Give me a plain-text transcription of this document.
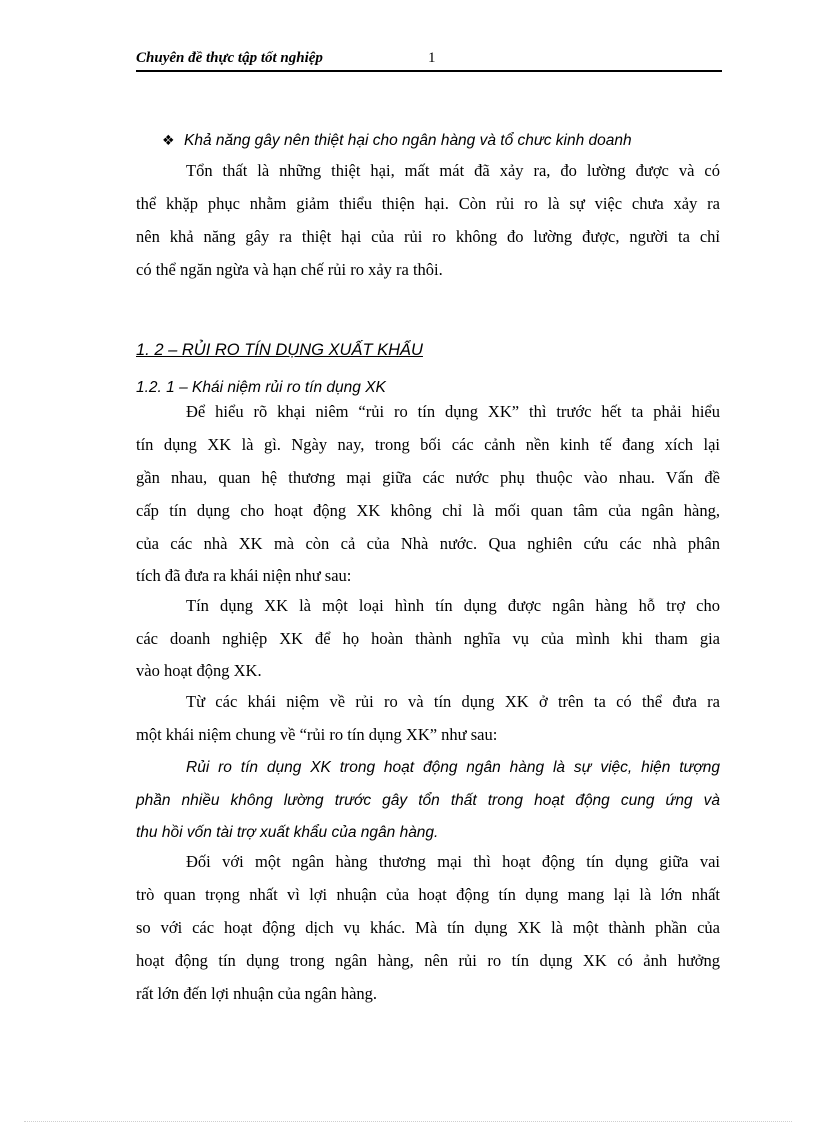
Chuyên đề thực tập tốt nghiệp	1
❖ Khả năng gây nên thiệt hại cho ngân hàng và tổ chưc kinh doanh
Tổn thất là những thiệt hại, mất mát đã xảy ra, đo lường được và có
thể khặp phục nhằm giảm thiểu thiện hại. Còn rủi ro là sự việc chưa xảy ra
nên khả năng gây ra thiệt hại của rủi ro không đo lường được, người ta chỉ
có thể ngăn ngừa và hạn chế rủi ro xảy ra thôi.
1. 2 – RỦI RO TÍN DỤNG XUẤT KHẨU
1.2. 1 – Khái niệm rủi ro tín dụng XK
Để hiểu rõ khại niêm “rủi ro tín dụng XK” thì trước hết ta phải hiểu
tín dụng XK là gì. Ngày nay, trong bối các cảnh nền kinh tế đang xích lại
gần nhau, quan hệ thương mại giữa các nước phụ thuộc vào nhau. Vấn đề
cấp tín dụng cho hoạt động XK không chỉ là mối quan tâm của ngân hàng,
của các nhà XK mà còn cả của Nhà nước. Qua nghiên cứu các nhà phân
tích đã đưa ra khái niện như sau:
Tín dụng XK là một loại hình tín dụng được ngân hàng hỗ trợ cho
các doanh nghiệp XK để họ hoàn thành nghĩa vụ của mình khi tham gia
vào hoạt động XK.
Từ các khái niệm về rủi ro và tín dụng XK ở trên ta có thể đưa ra
một khái niệm chung về “rủi ro tín dụng XK” như sau:
Rủi ro tín dụng XK trong hoạt động ngân hàng là sự việc, hiện tượng
phần nhiều không lường trước gây tổn thất trong hoạt động cung ứng và
thu hồi vốn tài trợ xuất khẩu của ngân hàng.
Đối với một ngân hàng thương mại thì hoạt động tín dụng giữa vai
trò quan trọng nhất vì lợi nhuận của hoạt động tín dụng mang lại là lớn nhất
so với các hoạt động dịch vụ khác. Mà tín dụng XK là một thành phần của
hoạt động tín dụng trong ngân hàng, nên rủi ro tín dụng XK có ảnh hưởng
rất lớn đến lợi nhuận của ngân hàng.
